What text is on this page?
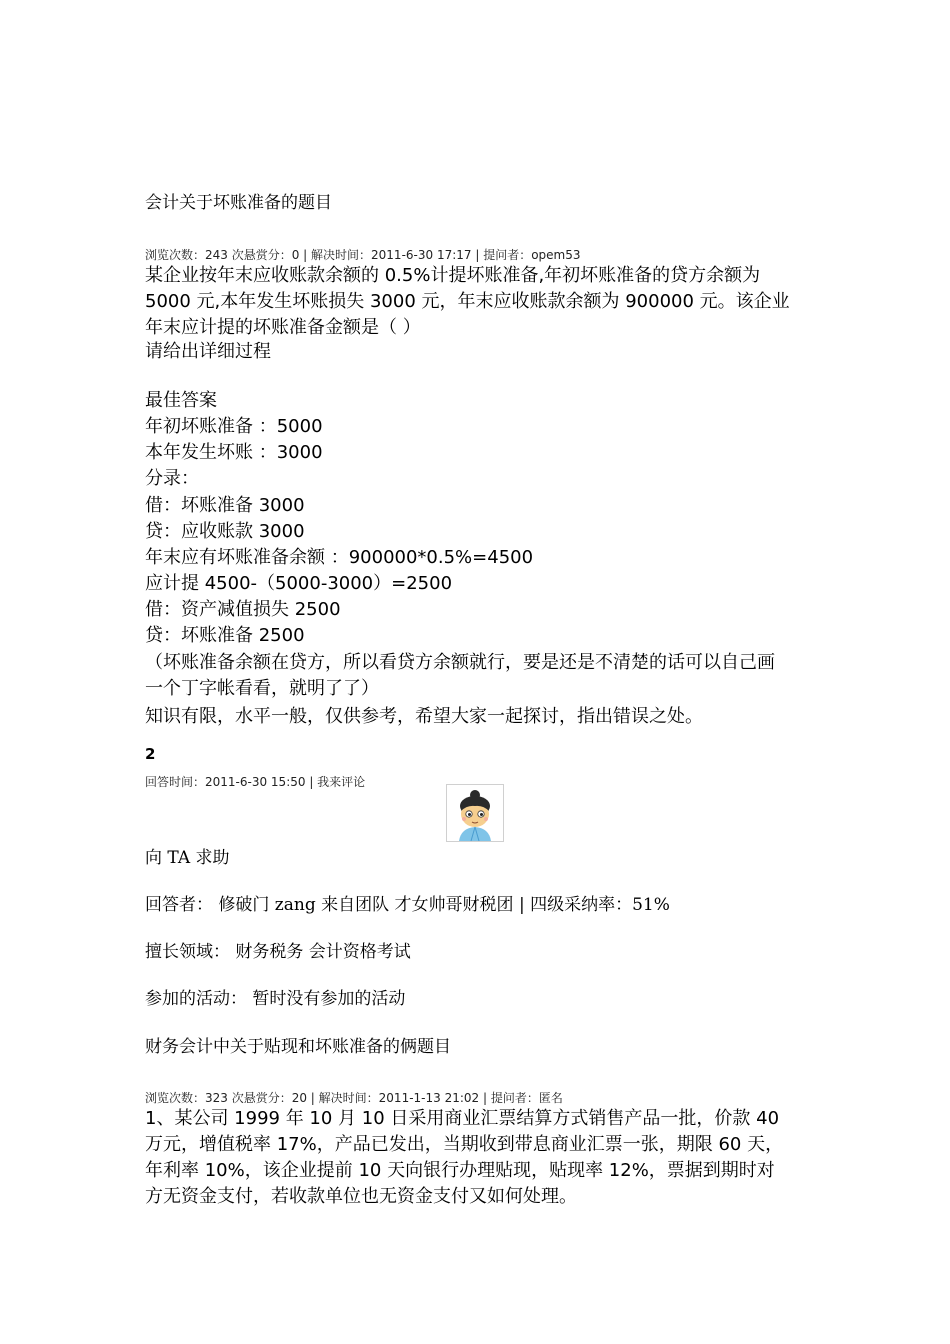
会计关于坏账准备的题目
浏览次数：243 次悬赏分：0 | 解决时间：2011-6-30 17:17 | 提问者：opem53
某企业按年末应收账款余额的 0.5%计提坏账准备,年初坏账准备的贷方余额为
5000 元,本年发生坏账损失 3000 元，年末应收账款余额为 900000 元。该企业
年末应计提的坏账准备金额是（ ）
请给出详细过程
最佳答案
年初坏账准备 ：5000
本年发生坏账 ：3000
分录：
借：坏账准备 3000
贷：应收账款 3000
年末应有坏账准备余额 ：900000*0.5%=4500
应计提 4500-（5000-3000）=2500
借：资产减值损失 2500
贷：坏账准备 2500
（坏账准备余额在贷方，所以看贷方余额就行，要是还是不清楚的话可以自己画
一个丁字帐看看，就明了了）
知识有限，水平一般，仅供参考，希望大家一起探讨，指出错误之处。
2
回答时间：2011-6-30 15:50 | 我来评论
向 TA 求助
回答者： 修破门 zang 来自团队 才女帅哥财税团 | 四级采纳率：51%
擅长领域： 财务税务 会计资格考试
参加的活动： 暂时没有参加的活动
财务会计中关于贴现和坏账准备的俩题目
浏览次数：323 次悬赏分：20 | 解决时间：2011-1-13 21:02 | 提问者：匿名
1、某公司 1999 年 10 月 10 日采用商业汇票结算方式销售产品一批，价款 40
万元，增值税率 17%，产品已发出，当期收到带息商业汇票一张，期限 60 天，
年利率 10%，该企业提前 10 天向银行办理贴现，贴现率 12%，票据到期时对
方无资金支付，若收款单位也无资金支付又如何处理。
